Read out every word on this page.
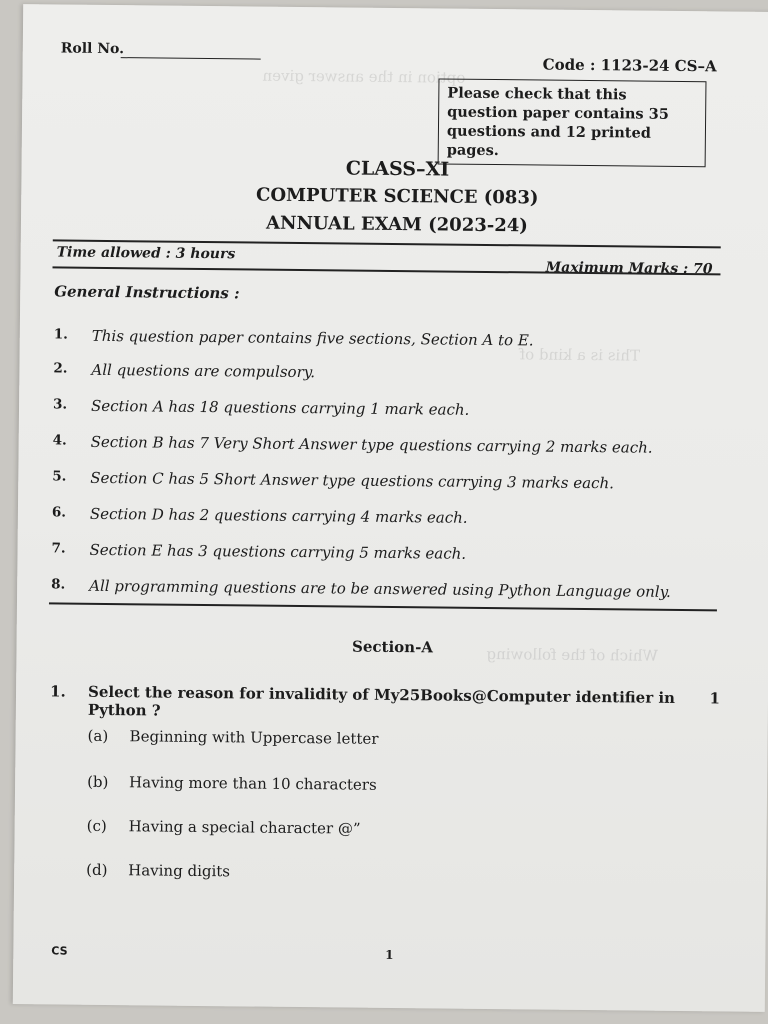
option in the answer given
This is a kind of
Which of the following
Roll No.
Code : 1123-24 CS–A
Please check that this question paper contains 35 questions and 12 printed pages.
CLASS–XI
COMPUTER SCIENCE (083)
ANNUAL EXAM (2023-24)
Time allowed : 3 hours
Maximum Marks : 70
General Instructions :
1. This question paper contains five sections, Section A to E.
2. All questions are compulsory.
3. Section A has 18 questions carrying 1 mark each.
4. Section B has 7 Very Short Answer type questions carrying 2 marks each.
5. Section C has 5 Short Answer type questions carrying 3 marks each.
6. Section D has 2 questions carrying 4 marks each.
7. Section E has 3 questions carrying 5 marks each.
8. All programming questions are to be answered using Python Language only.
Section-A
1. Select the reason for invalidity of My25Books@Computer identifier in Python ?
1
(a) Beginning with Uppercase letter
(b) Having more than 10 characters
(c) Having a special character @”
(d) Having digits
CS	1
